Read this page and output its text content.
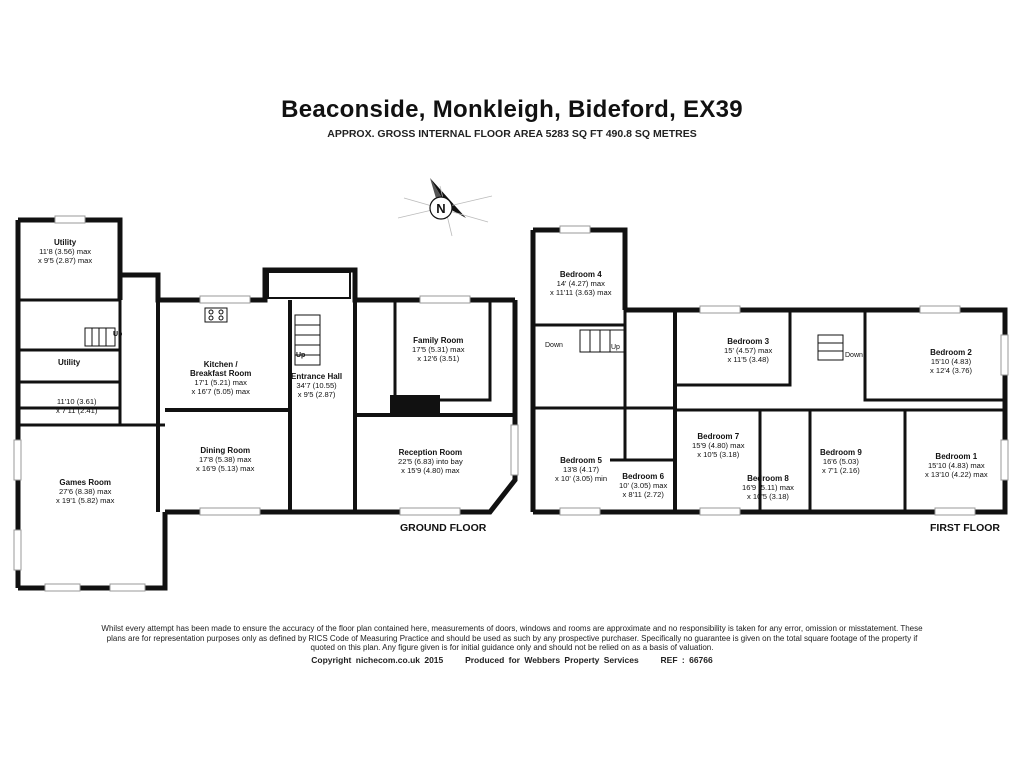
Beaconside, Monkleigh, Bideford, EX39
APPROX. GROSS INTERNAL FLOOR AREA 5283 SQ FT 490.8 SQ METRES
N
Utility
11'8 (3.56) max
x 9'5 (2.87) max
Utility
11'10 (3.61)
x 7'11 (2.41)
Games Room
27'6 (8.38) max
x 19'1 (5.82) max
Kitchen /
Breakfast Room
17'1 (5.21) max
x 16'7 (5.05) max
Dining Room
17'8 (5.38) max
x 16'9 (5.13) max
Entrance Hall
34'7 (10.55)
x 9'5 (2.87)
Family Room
17'5 (5.31) max
x 12'6 (3.51)
Reception Room
22'5 (6.83) into bay
x 15'9 (4.80) max
Up
Up
GROUND FLOOR
Bedroom 4
14' (4.27) max
x 11'11 (3.63) max
Bedroom 3
15' (4.57) max
x 11'5 (3.48)
Bedroom 2
15'10 (4.83)
x 12'4 (3.76)
Bedroom 5
13'8 (4.17)
x 10' (3.05) min	Bedroom 6
10' (3.05) max
x 8'11 (2.72)
Bedroom 7
15'9 (4.80) max
x 10'5 (3.18)
Bedroom 8
16'9 (5.11) max
x 10'5 (3.18)
Bedroom 9
16'6 (5.03)
x 7'1 (2.16)
Bedroom 1
15'10 (4.83) max
x 13'10 (4.22) max
Down	Up
Down
FIRST FLOOR
Whilst every attempt has been made to ensure the accuracy of the floor plan contained here, measurements of doors, windows and rooms are approximate and no responsibility is taken for any error, omission or misstatement. These plans are for representation purposes only as defined by RICS Code of Measuring Practice and should be used as such by any prospective purchaser. Specifically no guarantee is given on the total square footage of the property if quoted on this plan. Any figure given is for initial guidance only and should not be relied on as a basis of valuation.
Copyright nichecom.co.uk 2015	Produced for Webbers Property Services	REF : 66766
